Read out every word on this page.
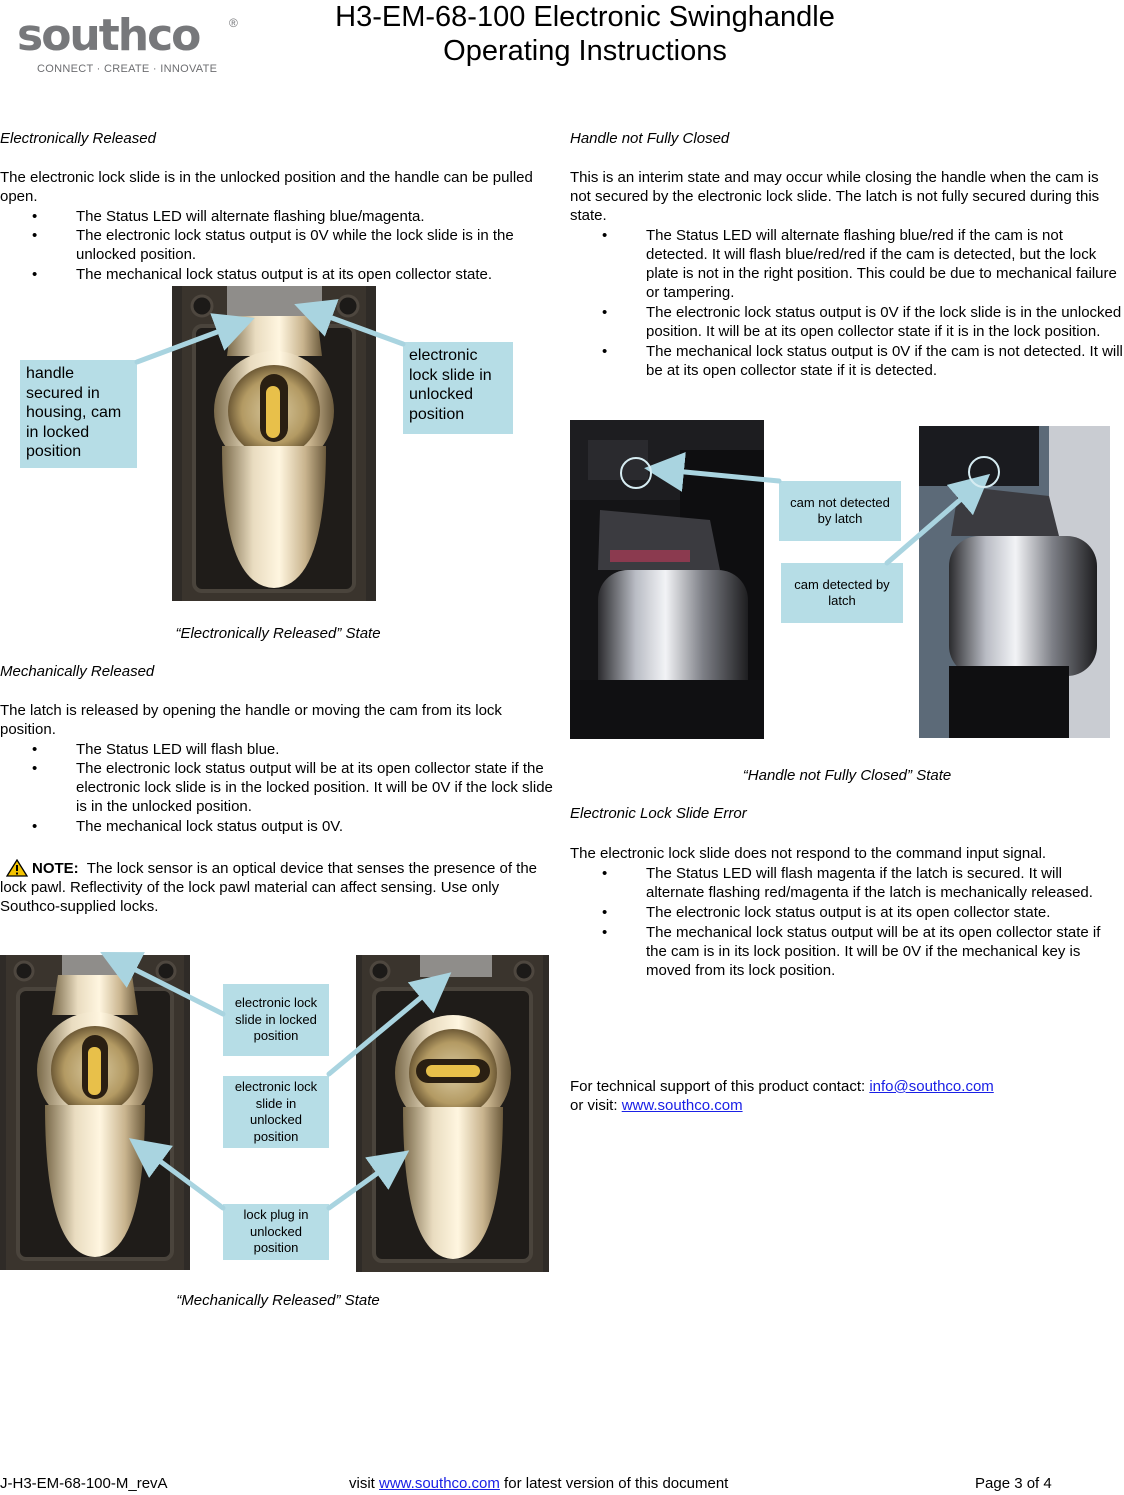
southco ®
CONNECT · CREATE · INNOVATE
H3-EM-68-100 Electronic Swinghandle
Operating Instructions
Electronically Released

The electronic lock slide is in the unlocked position and the handle can be pulled open.

• The Status LED will alternate flashing blue/magenta.
• The electronic lock status output is 0V while the lock slide is in the unlocked position.
• The mechanical lock status output is at its open collector state.
handle secured in housing, cam in locked position
electronic lock slide in unlocked position
“Electronically Released” State
Mechanically Released

The latch is released by opening the handle or moving the cam from its lock position.

• The Status LED will flash blue.
• The electronic lock status output will be at its open collector state if the electronic lock slide is in the locked position. It will be 0V if the lock slide is in the unlocked position.
• The mechanical lock status output is 0V.
NOTE: The lock sensor is an optical device that senses the presence of the lock pawl. Reflectivity of the lock pawl material can affect sensing. Use only Southco-supplied locks.
electronic lock slide in locked position
electronic lock slide in unlocked position
lock plug in unlocked position
“Mechanically Released” State
Handle not Fully Closed

This is an interim state and may occur while closing the handle when the cam is not secured by the electronic lock slide. The latch is not fully secured during this state.

• The Status LED will alternate flashing blue/red if the cam is not detected. It will flash blue/red/red if the cam is detected, but the lock plate is not in the right position. This could be due to mechanical failure or tampering.
• The electronic lock status output is 0V if the lock slide is in the unlocked position. It will be at its open collector state if it is in the lock position.
• The mechanical lock status output is 0V if the cam is not detected. It will be at its open collector state if it is detected.
cam not detected by latch
cam detected by latch
“Handle not Fully Closed” State
Electronic Lock Slide Error

The electronic lock slide does not respond to the command input signal.

• The Status LED will flash magenta if the latch is secured. It will alternate flashing red/magenta if the latch is mechanically released.
• The electronic lock status output is at its open collector state.
• The mechanical lock status output will be at its open collector state if the cam is in its lock position. It will be 0V if the mechanical key is moved from its lock position.
For technical support of this product contact: info@southco.com
or visit: www.southco.com
J-H3-EM-68-100-M_revA	visit www.southco.com for latest version of this document	Page 3 of 4
